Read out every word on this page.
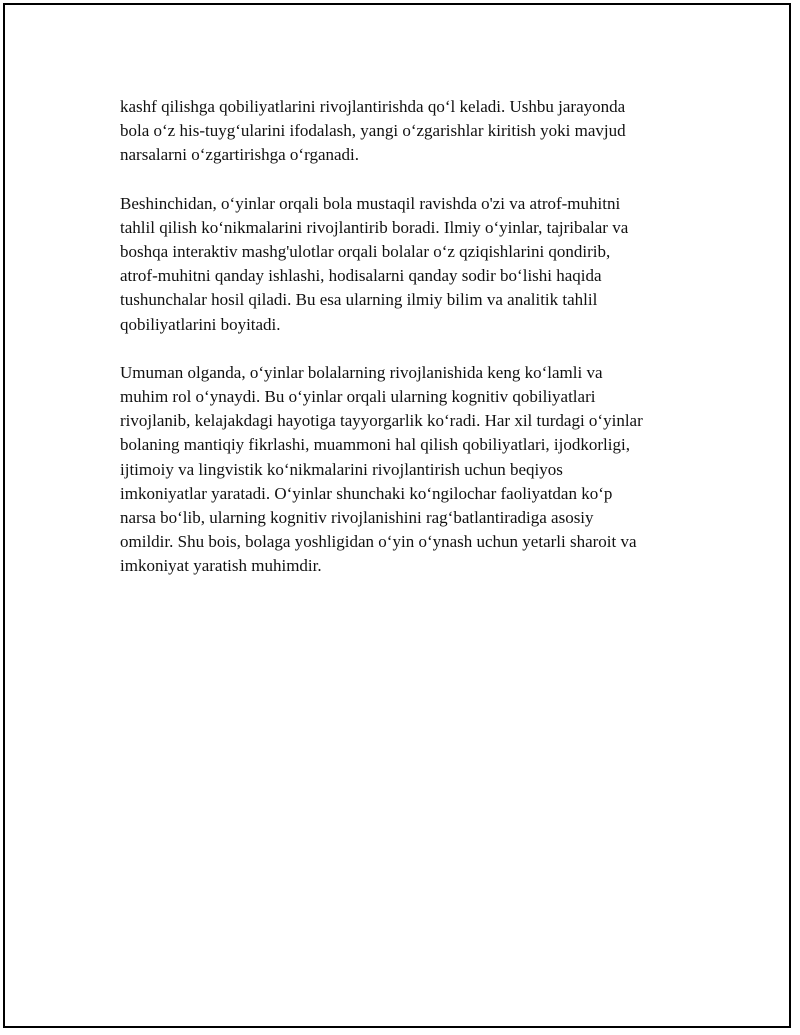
kashf qilishga qobiliyatlarini rivojlantirishda qo‘l keladi. Ushbu jarayonda
bola o‘z his-tuyg‘ularini ifodalash, yangi o‘zgarishlar kiritish yoki mavjud
narsalarni o‘zgartirishga o‘rganadi.

Beshinchidan, o‘yinlar orqali bola mustaqil ravishda o'zi va atrof-muhitni
tahlil qilish ko‘nikmalarini rivojlantirib boradi. Ilmiy o‘yinlar, tajribalar va
boshqa interaktiv mashg'ulotlar orqali bolalar o‘z qziqishlarini qondirib,
atrof-muhitni qanday ishlashi, hodisalarni qanday sodir bo‘lishi haqida
tushunchalar hosil qiladi. Bu esa ularning ilmiy bilim va analitik tahlil
qobiliyatlarini boyitadi.

Umuman olganda, o‘yinlar bolalarning rivojlanishida keng ko‘lamli va
muhim rol o‘ynaydi. Bu o‘yinlar orqali ularning kognitiv qobiliyatlari
rivojlanib, kelajakdagi hayotiga tayyorgarlik ko‘radi. Har xil turdagi o‘yinlar
bolaning mantiqiy fikrlashi, muammoni hal qilish qobiliyatlari, ijodkorligi,
ijtimoiy va lingvistik ko‘nikmalarini rivojlantirish uchun beqiyos
imkoniyatlar yaratadi. O‘yinlar shunchaki ko‘ngilochar faoliyatdan ko‘p
narsa bo‘lib, ularning kognitiv rivojlanishini rag‘batlantiradiga asosiy
omildir. Shu bois, bolaga yoshligidan o‘yin o‘ynash uchun yetarli sharoit va
imkoniyat yaratish muhimdir.
